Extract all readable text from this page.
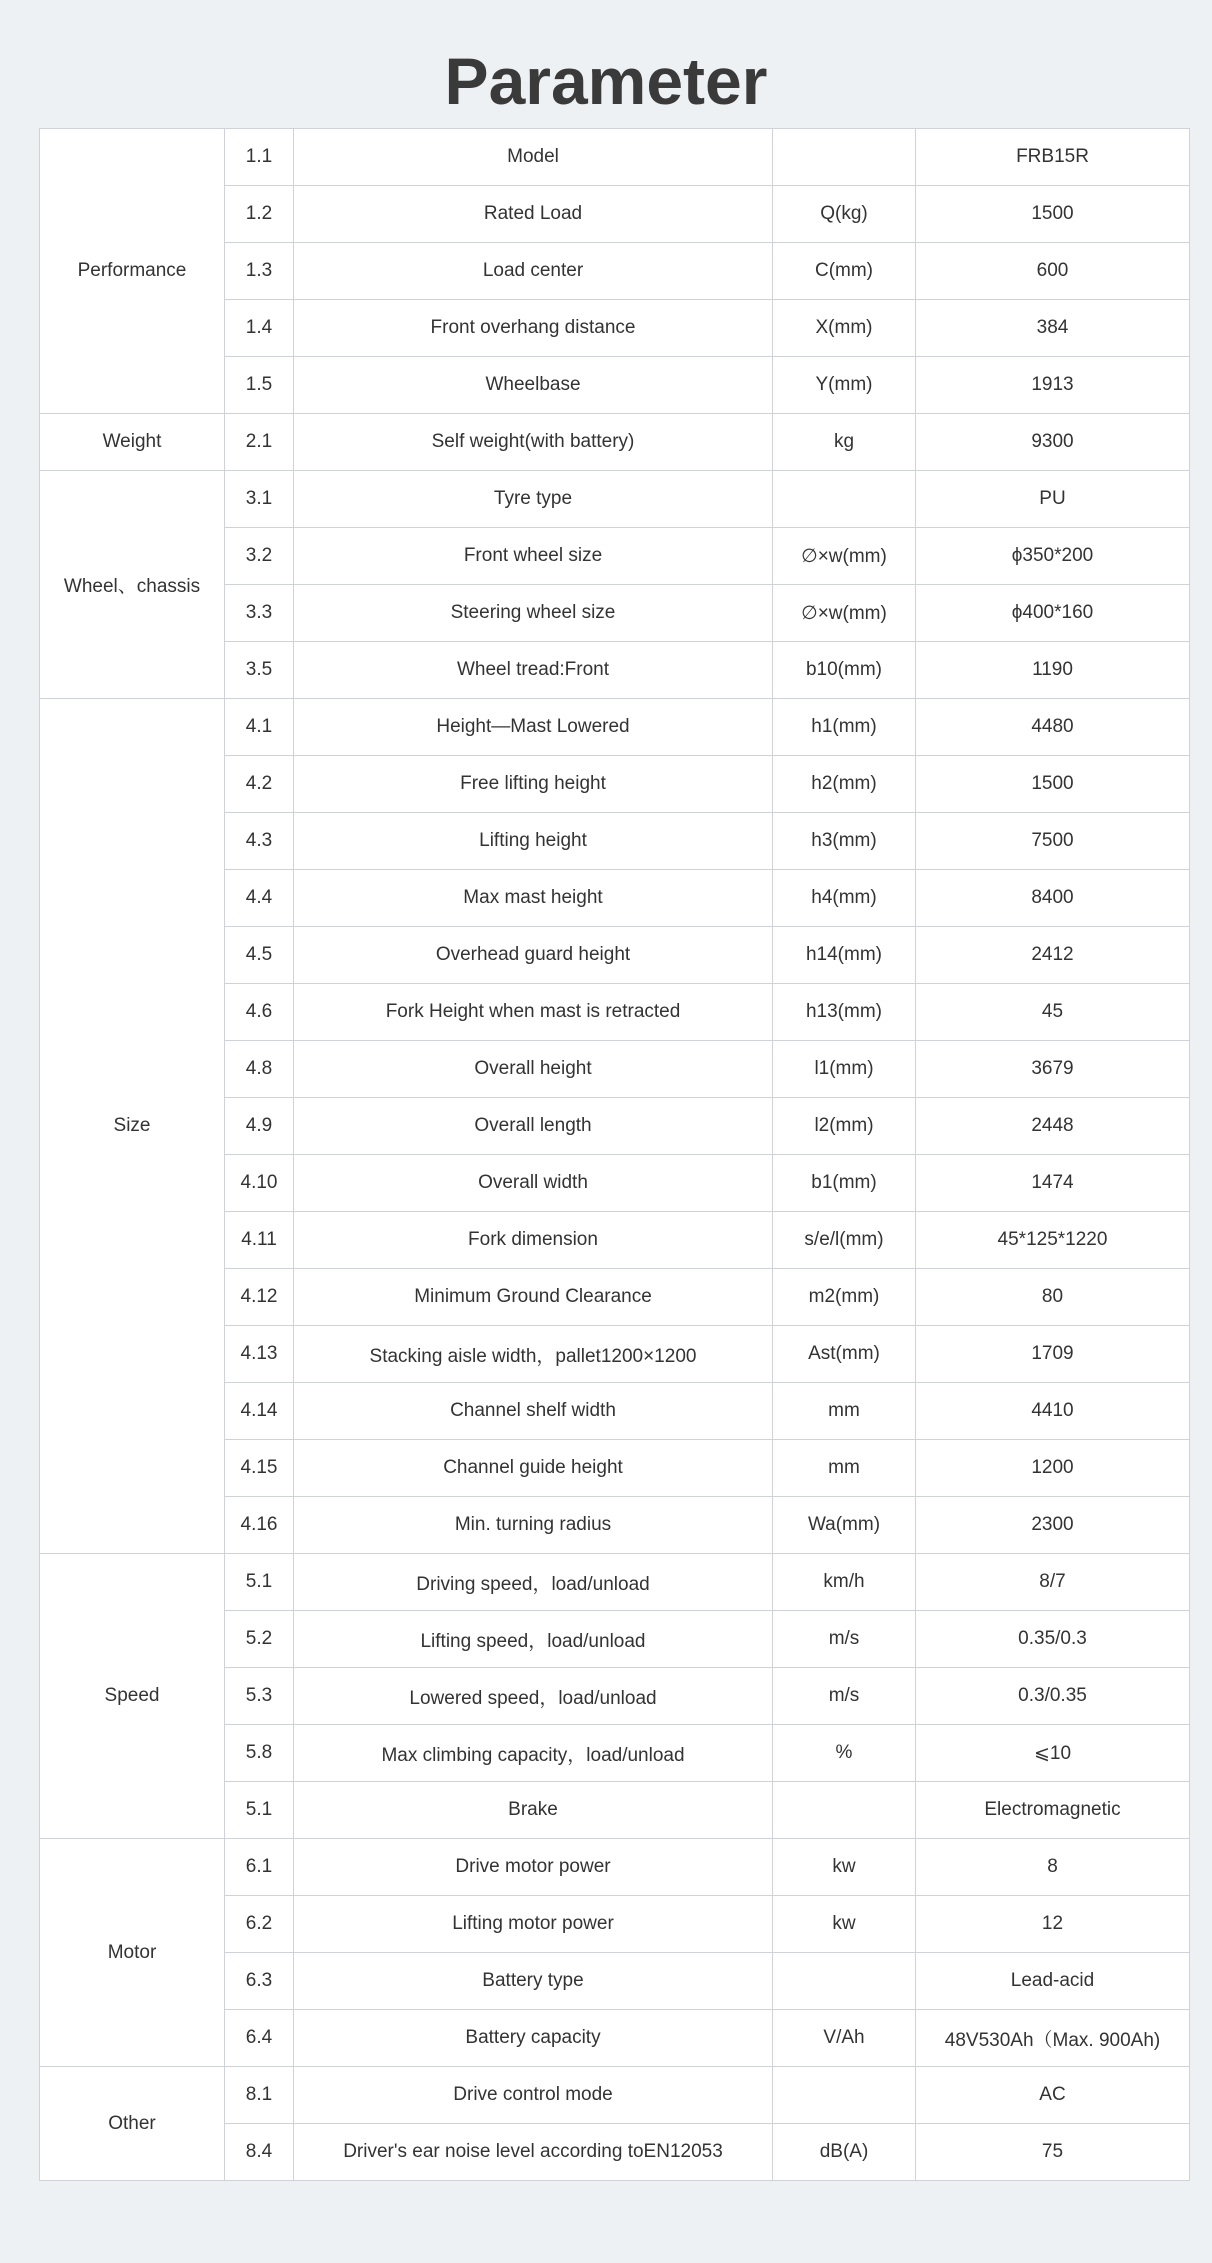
Parameter
Performance	1.1	Model		FRB15R
	1.2	Rated Load	Q(kg)	1500
	1.3	Load center	C(mm)	600
	1.4	Front overhang distance	X(mm)	384
	1.5	Wheelbase	Y(mm)	1913
Weight	2.1	Self weight(with battery)	kg	9300
Wheel、chassis	3.1	Tyre type		PU
	3.2	Front wheel size	∅×w(mm)	ϕ350*200
	3.3	Steering wheel size	∅×w(mm)	ϕ400*160
	3.5	Wheel tread:Front	b10(mm)	1190
Size	4.1	Height—Mast Lowered	h1(mm)	4480
	4.2	Free lifting height	h2(mm)	1500
	4.3	Lifting height	h3(mm)	7500
	4.4	Max mast height	h4(mm)	8400
	4.5	Overhead guard height	h14(mm)	2412
	4.6	Fork Height when mast is retracted	h13(mm)	45
	4.8	Overall height	l1(mm)	3679
	4.9	Overall length	l2(mm)	2448
	4.10	Overall width	b1(mm)	1474
	4.11	Fork dimension	s/e/l(mm)	45*125*1220
	4.12	Minimum Ground Clearance	m2(mm)	80
	4.13	Stacking aisle width，pallet1200×1200	Ast(mm)	1709
	4.14	Channel shelf width	mm	4410
	4.15	Channel guide height	mm	1200
	4.16	Min. turning radius	Wa(mm)	2300
Speed	5.1	Driving speed，load/unload	km/h	8/7
	5.2	Lifting speed，load/unload	m/s	0.35/0.3
	5.3	Lowered speed，load/unload	m/s	0.3/0.35
	5.8	Max climbing capacity，load/unload	%	⩽10
	5.1	Brake		Electromagnetic
Motor	6.1	Drive motor power	kw	8
	6.2	Lifting motor power	kw	12
	6.3	Battery type		Lead-acid
	6.4	Battery capacity	V/Ah	48V530Ah（Max. 900Ah)
Other	8.1	Drive control mode		AC
	8.4	Driver's ear noise level according toEN12053	dB(A)	75
